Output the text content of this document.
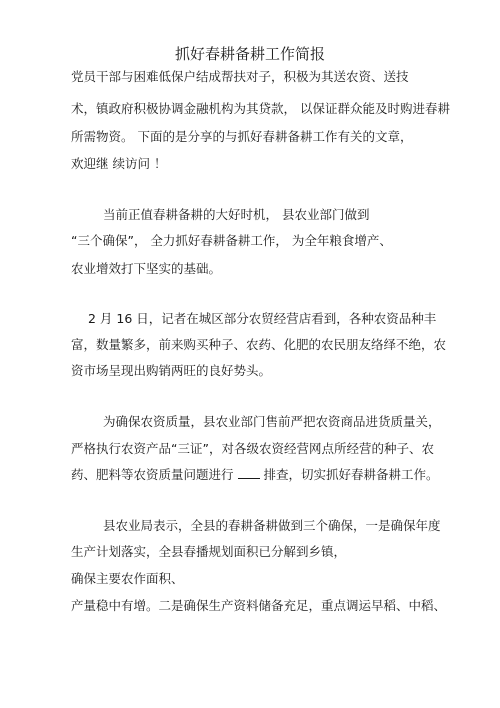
抓好春耕备耕工作简报
党员干部与困难低保户结成帮扶对子，积极为其送农资、送技
术，镇政府积极协调金融机构为其贷款， 以保证群众能及时购进春耕
所需物资。 下面的是分享的与抓好春耕备耕工作有关的文章，
欢迎继 续访问 ！
当前正值春耕备耕的大好时机， 县农业部门做到
“三个确保”， 全力抓好春耕备耕工作， 为全年粮食增产、
农业增效打下坚实的基础。
2 月 16 日，记者在城区部分农贸经营店看到，各种农资品种丰
富，数量繁多，前来购买种子、农药、化肥的农民朋友络绎不绝，农
资市场呈现出购销两旺的良好势头。
为确保农资质量，县农业部门售前严把农资商品进货质量关，
严格执行农资产品“三证”，对各级农资经营网点所经营的种子、农
药、肥料等农资质量问题进行 排查，切实抓好春耕备耕工作。
县农业局表示，全县的春耕备耕做到三个确保，一是确保年度
生产计划落实，全县春播规划面积已分解到乡镇，
确保主要农作面积、
产量稳中有增。二是确保生产资料储备充足，重点调运早稻、中稻、
